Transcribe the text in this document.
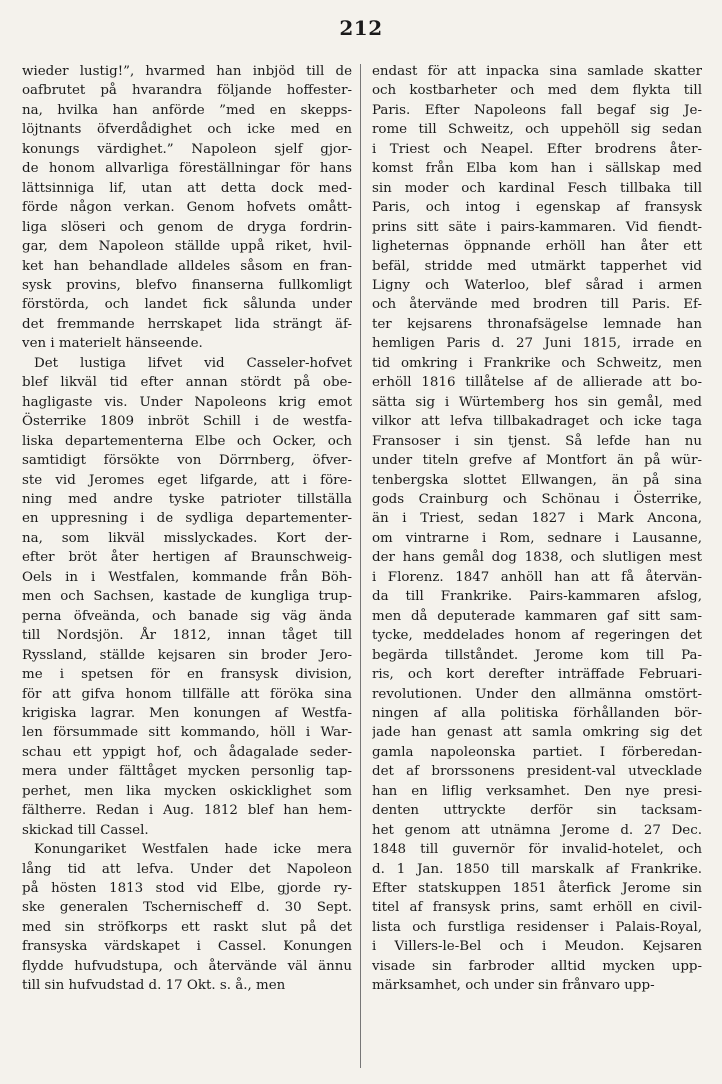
212
wieder lustig!”, hvarmed han inbjöd till de
oafbrutet på hvarandra följande hoffester-
na, hvilka han anförde ”med en skepps-
löjtnants öfverdådighet och icke med en
konungs värdighet.” Napoleon sjelf gjor-
de honom allvarliga föreställningar för hans
lättsinniga lif, utan att detta dock med-
förde någon verkan. Genom hofvets omått-
liga slöseri och genom de dryga fordrin-
gar, dem Napoleon ställde uppå riket, hvil-
ket han behandlade alldeles såsom en fran-
sysk provins, blefvo finanserna fullkomligt
förstörda, och landet fick sålunda under
det fremmande herrskapet lida strängt äf-
ven i materielt hänseende.
Det lustiga lifvet vid Casseler-hofvet
blef likväl tid efter annan stördt på obe-
hagligaste vis. Under Napoleons krig emot
Österrike 1809 inbröt Schill i de westfa-
liska departementerna Elbe och Ocker, och
samtidigt försökte von Dörrnberg, öfver-
ste vid Jeromes eget lifgarde, att i före-
ning med andre tyske patrioter tillställa
en uppresning i de sydliga departementer-
na, som likväl misslyckades. Kort der-
efter bröt åter hertigen af Braunschweig-
Oels in i Westfalen, kommande från Böh-
men och Sachsen, kastade de kungliga trup-
perna öfveända, och banade sig väg ända
till Nordsjön. År 1812, innan tåget till
Ryssland, ställde kejsaren sin broder Jero-
me i spetsen för en fransysk division,
för att gifva honom tillfälle att föröka sina
krigiska lagrar. Men konungen af Westfa-
len försummade sitt kommando, höll i War-
schau ett yppigt hof, och ådagalade seder-
mera under fälttåget mycken personlig tap-
perhet, men lika mycken oskicklighet som
fältherre. Redan i Aug. 1812 blef han hem-
skickad till Cassel.
Konungariket Westfalen hade icke mera
lång tid att lefva. Under det Napoleon
på hösten 1813 stod vid Elbe, gjorde ry-
ske generalen Tschernischeff d. 30 Sept.
med sin ströfkorps ett raskt slut på det
fransyska värdskapet i Cassel. Konungen
flydde hufvudstupa, och återvände väl ännu
till sin hufvudstad d. 17 Okt. s. å., men
endast för att inpacka sina samlade skatter
och kostbarheter och med dem flykta till
Paris. Efter Napoleons fall begaf sig Je-
rome till Schweitz, och uppehöll sig sedan
i Triest och Neapel. Efter brodrens åter-
komst från Elba kom han i sällskap med
sin moder och kardinal Fesch tillbaka till
Paris, och intog i egenskap af fransysk
prins sitt säte i pairs-kammaren. Vid fiendt-
ligheternas öppnande erhöll han åter ett
befäl, stridde med utmärkt tapperhet vid
Ligny och Waterloo, blef sårad i armen
och återvände med brodren till Paris. Ef-
ter kejsarens thronafsägelse lemnade han
hemligen Paris d. 27 Juni 1815, irrade en
tid omkring i Frankrike och Schweitz, men
erhöll 1816 tillåtelse af de allierade att bo-
sätta sig i Würtemberg hos sin gemål, med
vilkor att lefva tillbakadraget och icke taga
Fransoser i sin tjenst. Så lefde han nu
under titeln grefve af Montfort än på wür-
tenbergska slottet Ellwangen, än på sina
gods Crainburg och Schönau i Österrike,
än i Triest, sedan 1827 i Mark Ancona,
om vintrarne i Rom, sednare i Lausanne,
der hans gemål dog 1838, och slutligen mest
i Florenz. 1847 anhöll han att få återvän-
da till Frankrike. Pairs-kammaren afslog,
men då deputerade kammaren gaf sitt sam-
tycke, meddelades honom af regeringen det
begärda tillståndet. Jerome kom till Pa-
ris, och kort derefter inträffade Februari-
revolutionen. Under den allmänna omstört-
ningen af alla politiska förhållanden bör-
jade han genast att samla omkring sig det
gamla napoleonska partiet. I förberedan-
det af brorssonens president-val utvecklade
han en liflig verksamhet. Den nye presi-
denten uttryckte derför sin tacksam-
het genom att utnämna Jerome d. 27 Dec.
1848 till guvernör för invalid-hotelet, och
d. 1 Jan. 1850 till marskalk af Frankrike.
Efter statskuppen 1851 återfick Jerome sin
titel af fransysk prins, samt erhöll en civil-
lista och furstliga residenser i Palais-Royal,
i Villers-le-Bel och i Meudon. Kejsaren
visade sin farbroder alltid mycken upp-
märksamhet, och under sin frånvaro upp-
